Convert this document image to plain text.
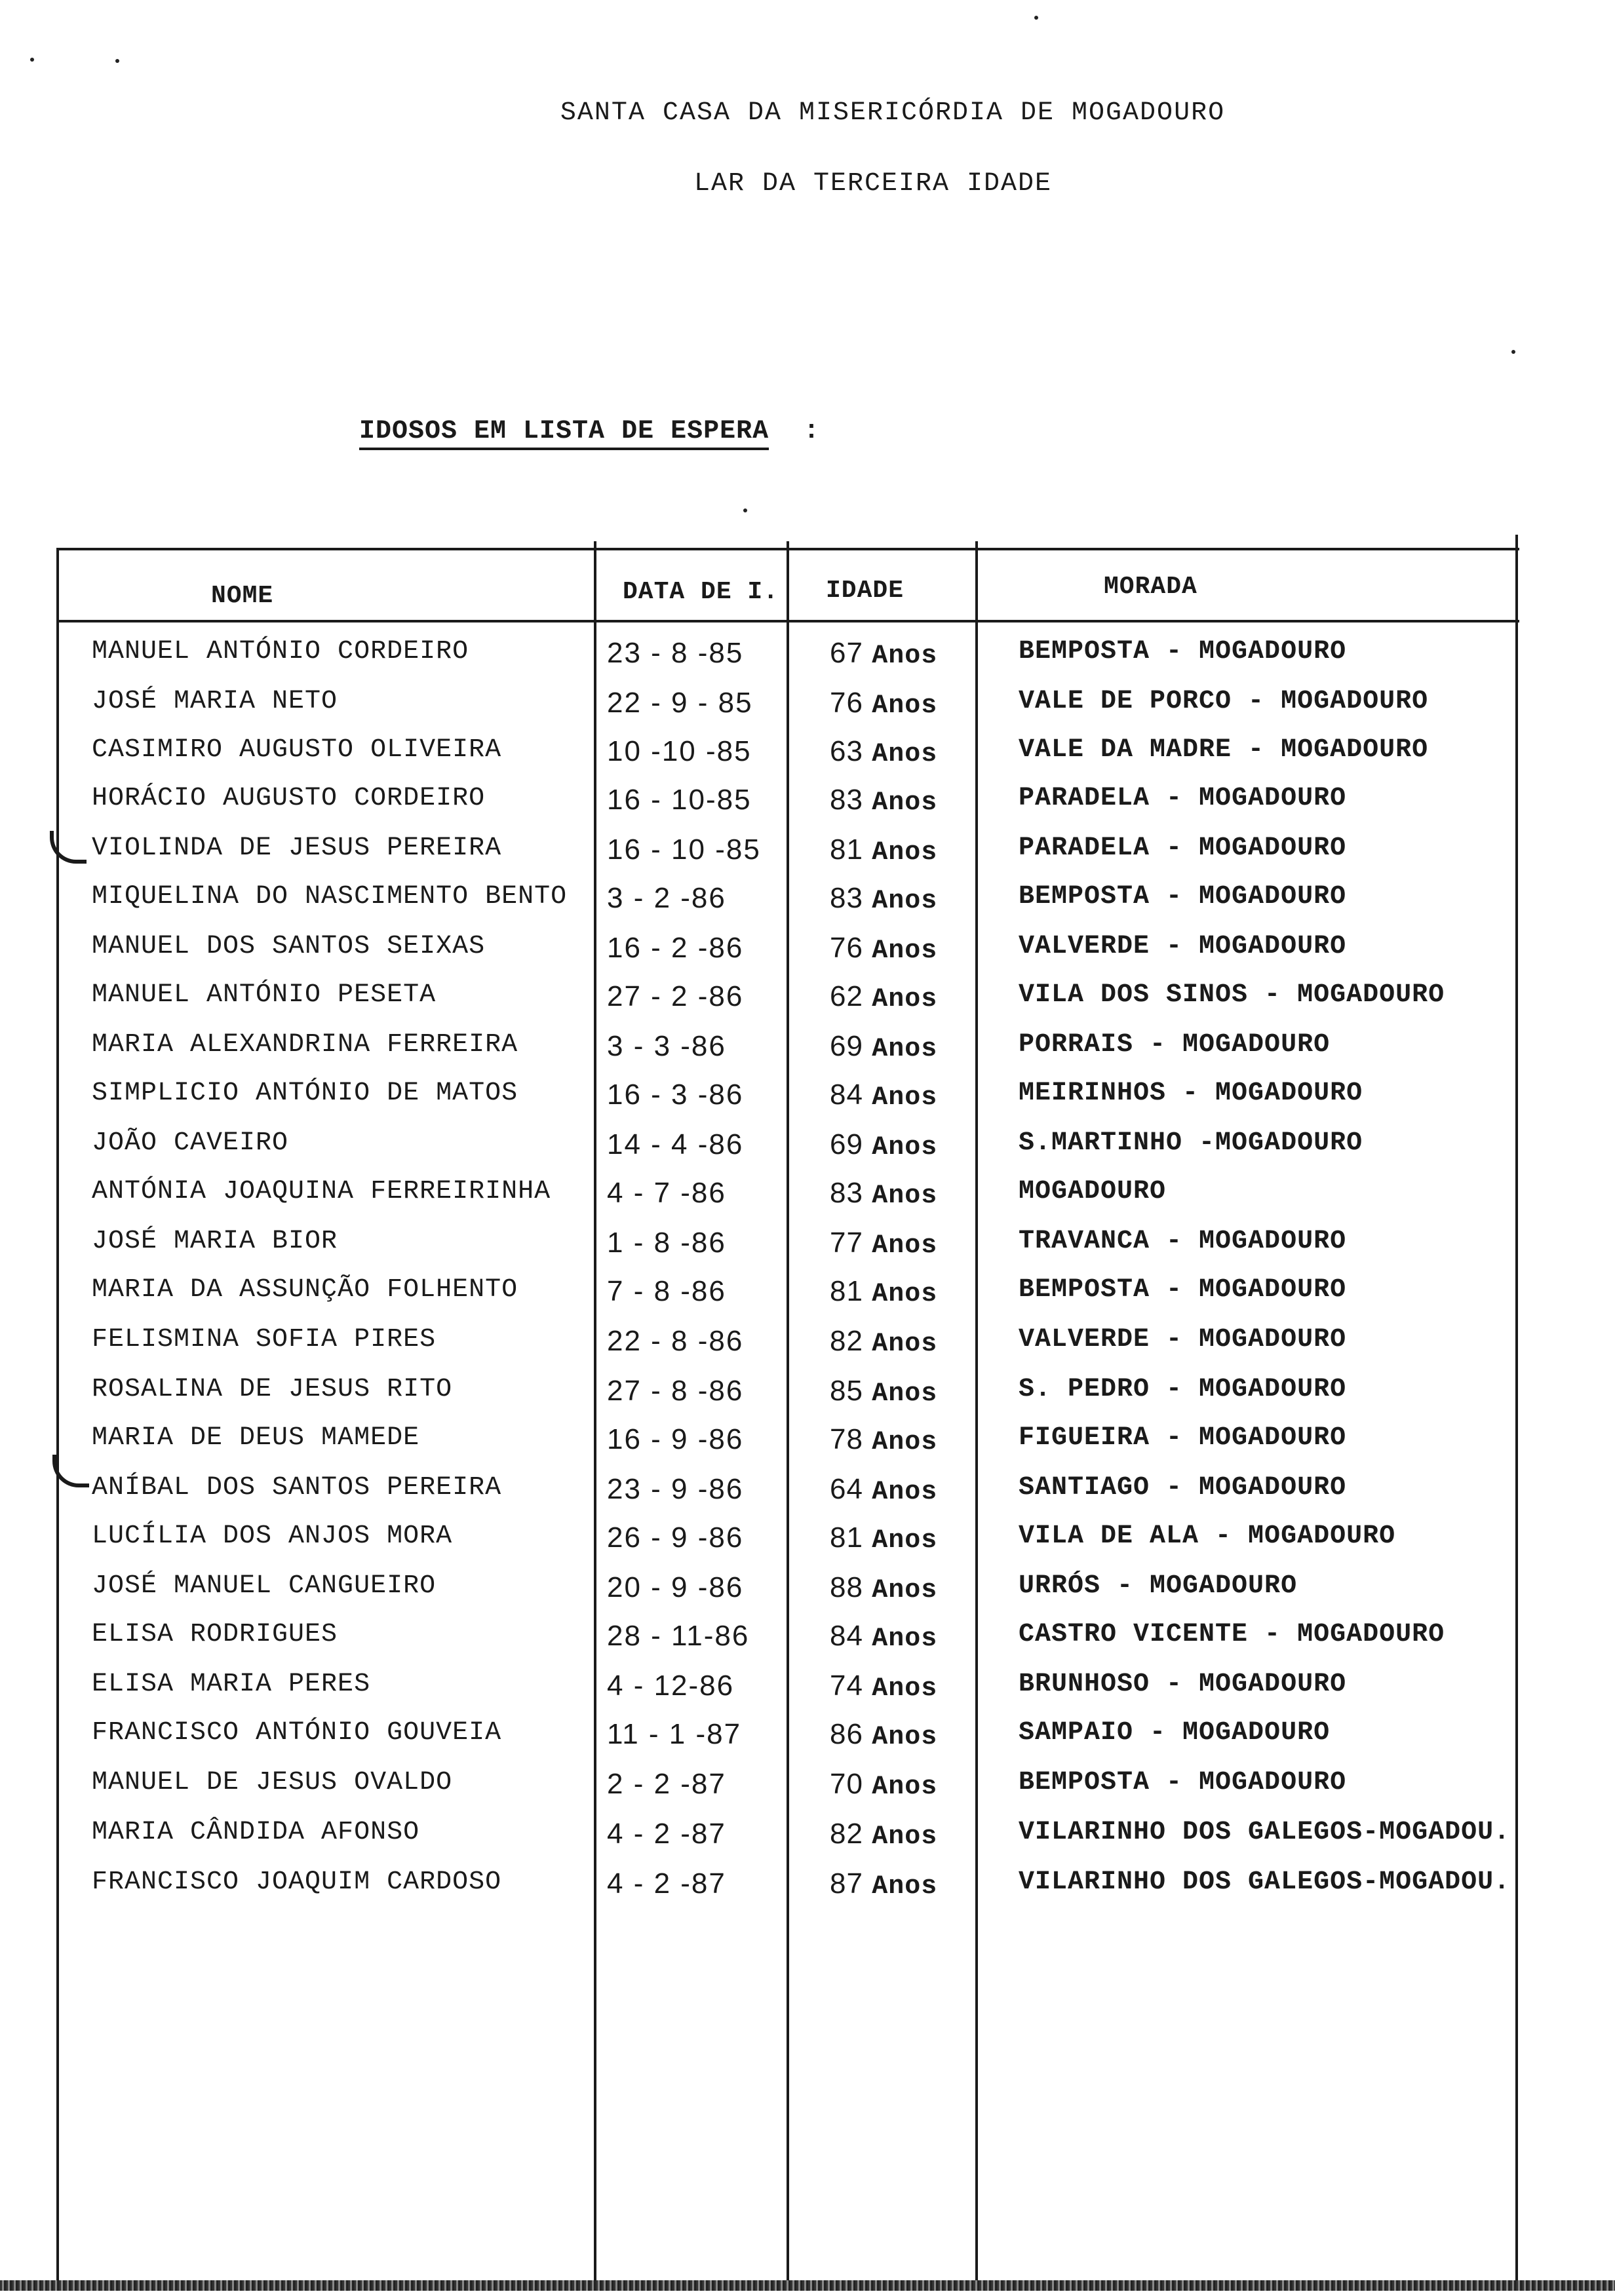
SANTA CASA DA MISERICÓRDIA DE MOGADOURO
LAR DA TERCEIRA IDADE
IDOSOS EM LISTA DE ESPERA :
NOME	DATA DE I. IDADE	MORADA
MANUEL ANTÓNIO CORDEIRO	23 - 8 -85	67 Anos	BEMPOSTA - MOGADOURO
JOSÉ MARIA NETO	22 - 9 - 85	76 Anos	VALE DE PORCO - MOGADOURO
CASIMIRO AUGUSTO OLIVEIRA	10 -10 -85	63 Anos	VALE DA MADRE - MOGADOURO
HORÁCIO AUGUSTO CORDEIRO	16 - 10-85	83 Anos	PARADELA - MOGADOURO
VIOLINDA DE JESUS PEREIRA	16 - 10 -85 81 Anos	PARADELA - MOGADOURO
MIQUELINA DO NASCIMENTO BENTO 3 - 2 -86	83 Anos	BEMPOSTA - MOGADOURO
MANUEL DOS SANTOS SEIXAS	16 - 2 -86	76 Anos	VALVERDE - MOGADOURO
MANUEL ANTÓNIO PESETA	27 - 2 -86	62 Anos	VILA DOS SINOS - MOGADOURO
MARIA ALEXANDRINA FERREIRA	3 - 3 -86	69 Anos	PORRAIS - MOGADOURO
SIMPLICIO ANTÓNIO DE MATOS	16 - 3 -86	84 Anos	MEIRINHOS - MOGADOURO
JOÃO CAVEIRO	14 - 4 -86	69 Anos	S.MARTINHO -MOGADOURO
ANTÓNIA JOAQUINA FERREIRINHA 4 - 7 -86	83 Anos	MOGADOURO
JOSÉ MARIA BIOR	1 - 8 -86	77 Anos	TRAVANCA - MOGADOURO
MARIA DA ASSUNÇÃO FOLHENTO	7 - 8 -86	81 Anos	BEMPOSTA - MOGADOURO
FELISMINA SOFIA PIRES	22 - 8 -86	82 Anos	VALVERDE - MOGADOURO
ROSALINA DE JESUS RITO	27 - 8 -86	85 Anos	S. PEDRO - MOGADOURO
MARIA DE DEUS MAMEDE	16 - 9 -86	78 Anos	FIGUEIRA - MOGADOURO
ANÍBAL DOS SANTOS PEREIRA	23 - 9 -86	64 Anos	SANTIAGO - MOGADOURO
LUCÍLIA DOS ANJOS MORA	26 - 9 -86	81 Anos	VILA DE ALA - MOGADOURO
JOSÉ MANUEL CANGUEIRO	20 - 9 -86	88 Anos	URRÓS - MOGADOURO
ELISA RODRIGUES	28 - 11-86	84 Anos	CASTRO VICENTE - MOGADOURO
ELISA MARIA PERES	4 - 12-86	74 Anos	BRUNHOSO - MOGADOURO
FRANCISCO ANTÓNIO GOUVEIA	11 - 1 -87	86 Anos	SAMPAIO - MOGADOURO
MANUEL DE JESUS OVALDO	2 - 2 -87	70 Anos	BEMPOSTA - MOGADOURO
MARIA CÂNDIDA AFONSO	4 - 2 -87	82 Anos	VILARINHO DOS GALEGOS-MOGADOU.
FRANCISCO JOAQUIM CARDOSO	4 - 2 -87	87 Anos	VILARINHO DOS GALEGOS-MOGADOU.
